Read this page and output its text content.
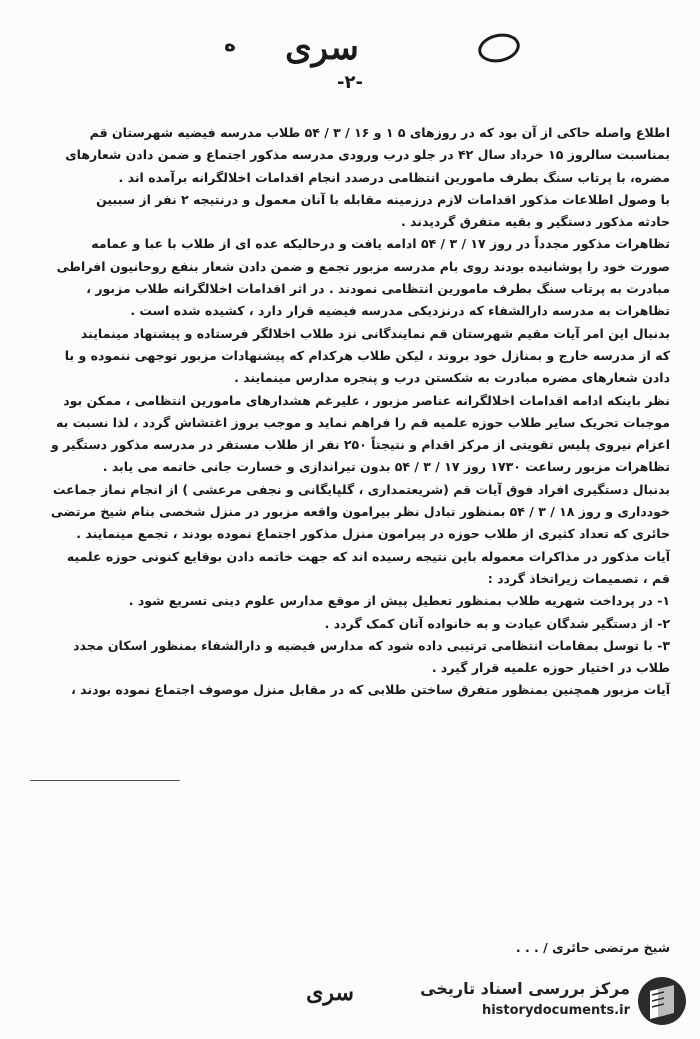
ه	سری
-۲-

اطلاع واصله حاکی از آن بود که در روزهای ۵ ۱ و ۱۶ / ۳ / ۵۴ طلاب مدرسه فیضیه شهرستان قم

بمناسبت سالروز ۱۵ خرداد سال ۴۲ در جلو درب ورودی مدرسه مذکور اجتماع و ضمن دادن شعارهای

مضره، با پرتاب سنگ بطرف مامورین انتظامی درصدد انجام اقدامات اخلالگرانه برآمده اند .

با وصول اطلاعات مذکور اقدامات لازم درزمینه مقابله با آنان معمول و درنتیجه ۲ نفر از سببین

حادثه مذکور دستگیر و بقیه متفرق گردیدند .

تظاهرات مذکور مجدداً در روز ۱۷ / ۳ / ۵۴ ادامه یافت و درحالیکه عده ای از طلاب با عبا و عمامه

صورت خود را پوشانیده بودند روی بام مدرسه مزبور تجمع و ضمن دادن شعار بنفع روحانیون افراطی

مبادرت به پرتاب سنگ بطرف مامورین انتظامی نمودند . در اثر اقدامات اخلالگرانه طلاب مزبور ،

تظاهرات به مدرسه دارالشفاء که درنزدیکی مدرسه فیضیه قرار دارد ، کشیده شده است .

بدنبال این امر آیات مقیم شهرستان قم نمایندگانی نزد طلاب اخلالگر فرستاده و پیشنهاد مینمایند

که از مدرسه خارج و بمنازل خود بروند ، لیکن طلاب هرکدام که پیشنهادات مزبور توجهی ننموده و با

دادن شعارهای مضره مبادرت به شکستن درب و پنجره مدارس مینمایند .

نظر باینکه ادامه اقدامات اخلالگرانه عناصر مزبور ، علیرغم هشدارهای مامورین انتظامی ، ممکن بود

موجبات تحریک سایر طلاب حوزه علمیه قم را فراهم نماید و موجب بروز اغتشاش گردد ، لذا نسبت به

اعزام نیروی پلیس تقویتی از مرکز اقدام و نتیجتاً ۲۵۰ نفر از طلاب مستقر در مدرسه مذکور دستگیر و

تظاهرات مزبور رساعت ۱۷۳۰ روز ۱۷ / ۳ / ۵۴ بدون تیراندازی و خسارت جانی خاتمه می یابد .

بدنبال دستگیری افراد فوق آیات قم (شریعتمداری ، گلپایگانی و نجفی مرعشی ) از انجام نماز جماعت

خودداری و روز ۱۸ / ۳ / ۵۴ بمنظور تبادل نظر بیرامون واقعه مزبور در منزل شخصی بنام شیخ مرتضی

حائری که تعداد کثیری از طلاب حوزه در پیرامون منزل مذکور اجتماع نموده بودند ، تجمع مینمایند .

آیات مذکور در مذاکرات معموله باین نتیجه رسیده اند که جهت خاتمه دادن بوقایع کنونی حوزه علمیه

قم ، تصمیمات زیراتخاذ گردد :

۱- در پرداخت شهریه طلاب بمنظور تعطیل پیش از موقع مدارس علوم دینی تسریع شود .

۲- از دستگیر شدگان عیادت و به خانواده آنان کمک گردد .

۳- با توسل بمقامات انتظامی ترتیبی داده شود که مدارس فیضیه و دارالشفاء بمنظور اسکان مجدد

طلاب در اختیار حوزه علمیه قرار گیرد .

آیات مزبور همچنین بمنظور متفرق ساختن طلابی که در مقابل منزل موصوف اجتماع نموده بودند ،

شیخ مرتضی حائری / . . .
سری	مرکز بررسی اسناد تاریخی
historydocuments.ir
